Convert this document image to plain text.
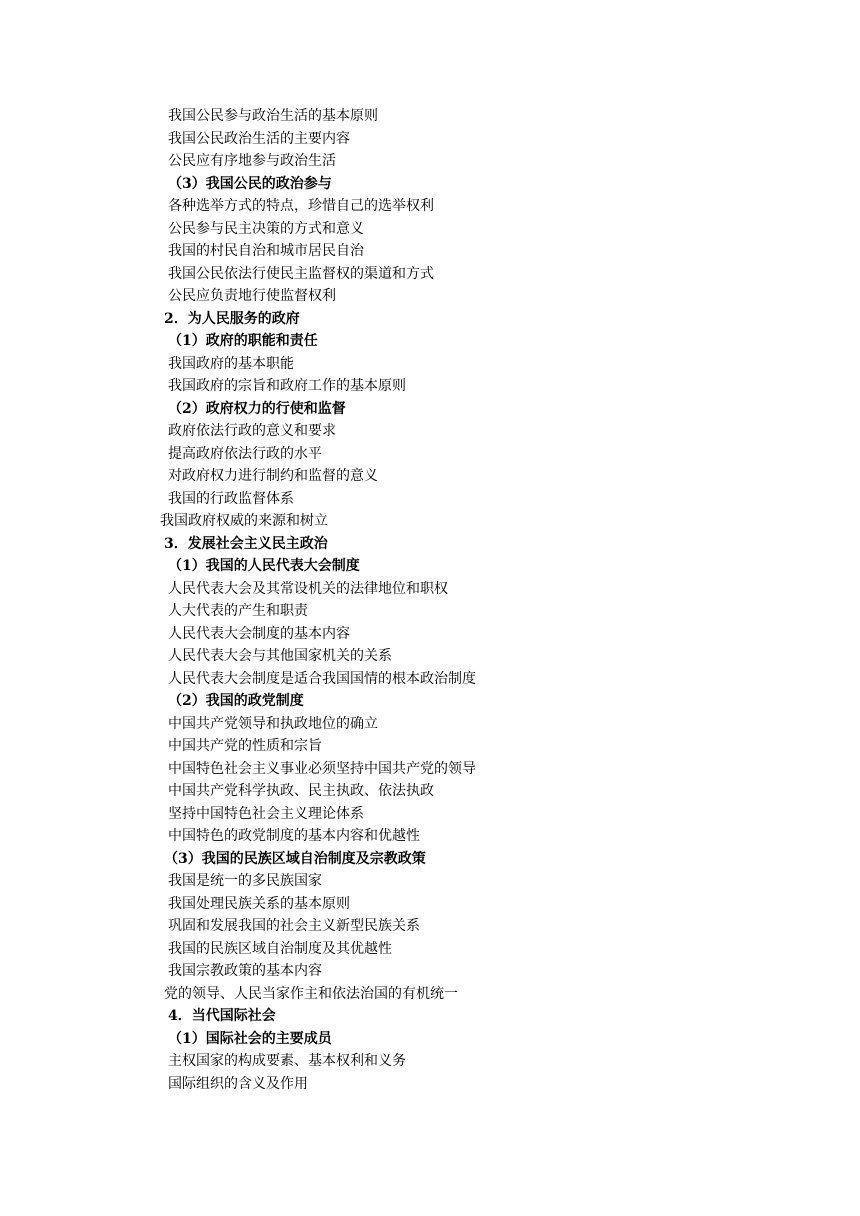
我国公民参与政治生活的基本原则
我国公民政治生活的主要内容
公民应有序地参与政治生活
（3）我国公民的政治参与
各种选举方式的特点，珍惜自己的选举权利
公民参与民主决策的方式和意义
我国的村民自治和城市居民自治
我国公民依法行使民主监督权的渠道和方式
公民应负责地行使监督权利
2．为人民服务的政府
（1）政府的职能和责任
我国政府的基本职能
我国政府的宗旨和政府工作的基本原则
（2）政府权力的行使和监督
政府依法行政的意义和要求
提高政府依法行政的水平
对政府权力进行制约和监督的意义
我国的行政监督体系
我国政府权威的来源和树立
3．发展社会主义民主政治
（1）我国的人民代表大会制度
人民代表大会及其常设机关的法律地位和职权
人大代表的产生和职责
人民代表大会制度的基本内容
人民代表大会与其他国家机关的关系
人民代表大会制度是适合我国国情的根本政治制度
（2）我国的政党制度
中国共产党领导和执政地位的确立
中国共产党的性质和宗旨
中国特色社会主义事业必须坚持中国共产党的领导
中国共产党科学执政、民主执政、依法执政
坚持中国特色社会主义理论体系
中国特色的政党制度的基本内容和优越性
（3）我国的民族区域自治制度及宗教政策
我国是统一的多民族国家
我国处理民族关系的基本原则
巩固和发展我国的社会主义新型民族关系
我国的民族区域自治制度及其优越性
我国宗教政策的基本内容
党的领导、人民当家作主和依法治国的有机统一
4．当代国际社会
（1）国际社会的主要成员
主权国家的构成要素、基本权利和义务
国际组织的含义及作用
